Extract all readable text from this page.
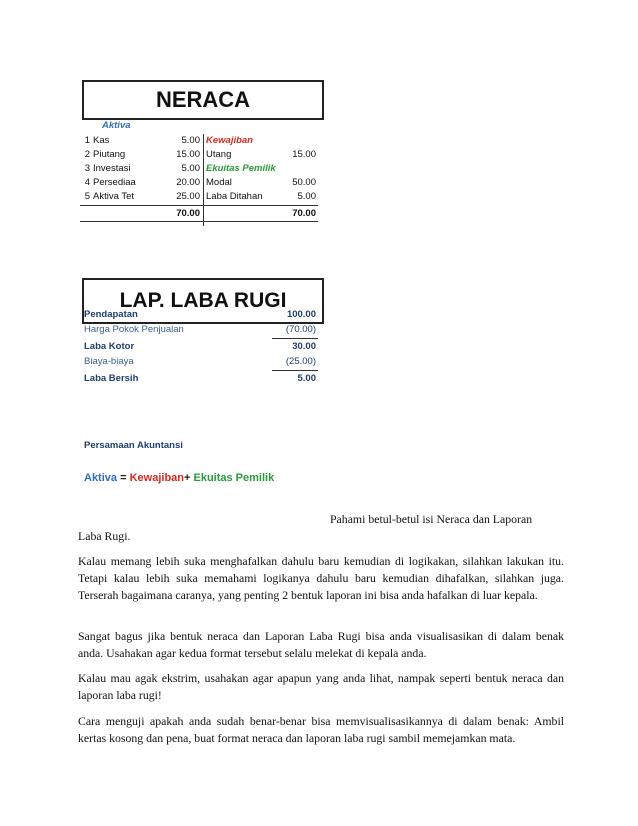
NERACA
Aktiva
1 Kas	5.00 Kewajiban
2 Piutang	15.00 Utang	15.00
3 Investasi	5.00 Ekuitas Pemilik
4 Persediaa	20.00 Modal	50.00
5 Aktiva Tet	25.00 Laba Ditahan	5.00
70.00	70.00
LAP. LABA RUGI
Pendapatan	100.00
Harga Pokok Penjualan	(70.00)
Laba Kotor	30.00
Biaya-biaya	(25.00)
Laba Bersih	5.00
Persamaan Akuntansi
Aktiva = Kewajiban+ Ekuitas Pemilik
Pahami betul-betul isi Neraca dan Laporan
Laba Rugi.
Kalau memang lebih suka menghafalkan dahulu baru kemudian di logikakan, silahkan lakukan itu. Tetapi kalau lebih suka memahami logikanya dahulu baru kemudian dihafalkan, silahkan juga. Terserah bagaimana caranya, yang penting 2 bentuk laporan ini bisa anda hafalkan di luar kepala.
Sangat bagus jika bentuk neraca dan Laporan Laba Rugi bisa anda visualisasikan di dalam benak anda. Usahakan agar kedua format tersebut selalu melekat di kepala anda.
Kalau mau agak ekstrim, usahakan agar apapun yang anda lihat, nampak seperti bentuk neraca dan laporan laba rugi!
Cara menguji apakah anda sudah benar-benar bisa memvisualisasikannya di dalam benak: Ambil kertas kosong dan pena, buat format neraca dan laporan laba rugi sambil memejamkan mata.
